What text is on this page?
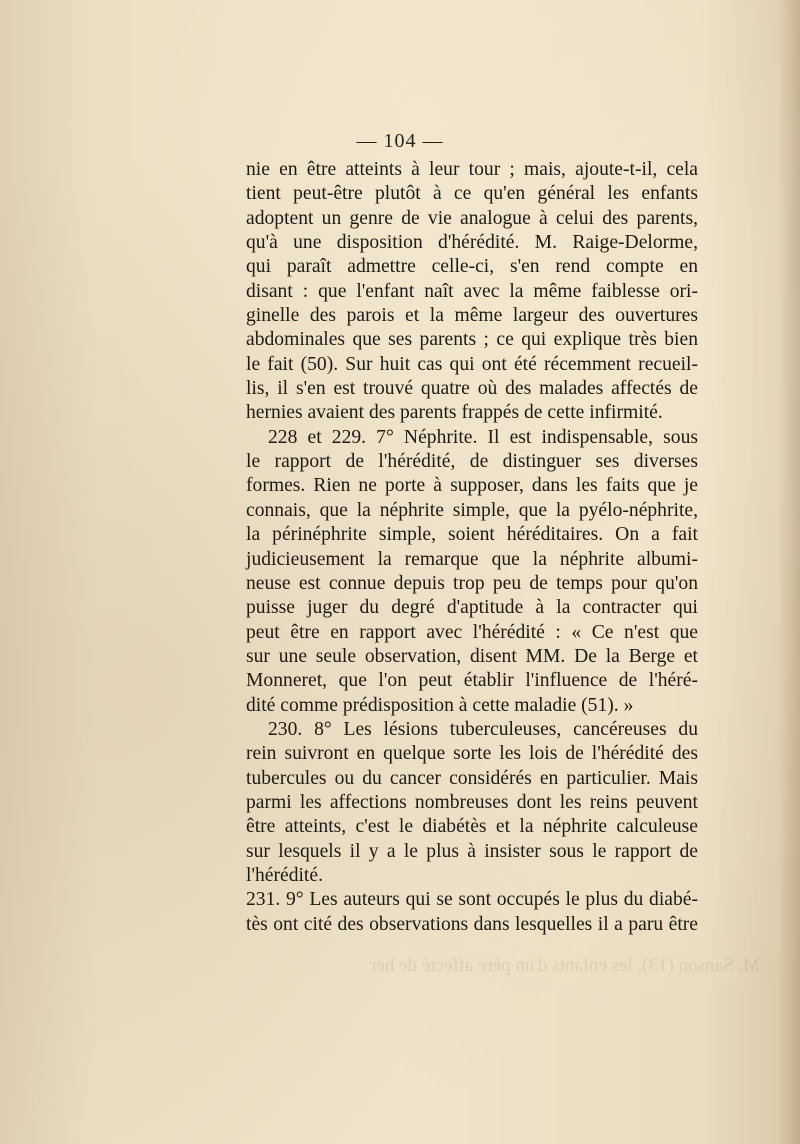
— 104 —
nie en être atteints à leur tour ; mais, ajoute-t-il, cela
tient peut-être plutôt à ce qu'en général les enfants
adoptent un genre de vie analogue à celui des parents,
qu'à une disposition d'hérédité. M. Raige-Delorme,
qui paraît admettre celle-ci, s'en rend compte en
disant : que l'enfant naît avec la même faiblesse ori-
ginelle des parois et la même largeur des ouvertures
abdominales que ses parents ; ce qui explique très bien
le fait (50). Sur huit cas qui ont été récemment recueil-
lis, il s'en est trouvé quatre où des malades affectés de
hernies avaient des parents frappés de cette infirmité.
228 et 229. 7° Néphrite. Il est indispensable, sous
le rapport de l'hérédité, de distinguer ses diverses
formes. Rien ne porte à supposer, dans les faits que je
connais, que la néphrite simple, que la pyélo-néphrite,
la périnéphrite simple, soient héréditaires. On a fait
judicieusement la remarque que la néphrite albumi-
neuse est connue depuis trop peu de temps pour qu'on
puisse juger du degré d'aptitude à la contracter qui
peut être en rapport avec l'hérédité : « Ce n'est que
sur une seule observation, disent MM. De la Berge et
Monneret, que l'on peut établir l'influence de l'héré-
dité comme prédisposition à cette maladie (51). »
230. 8° Les lésions tuberculeuses, cancéreuses du
rein suivront en quelque sorte les lois de l'hérédité des
tubercules ou du cancer considérés en particulier. Mais
parmi les affections nombreuses dont les reins peuvent
être atteints, c'est le diabétès et la néphrite calculeuse
sur lesquels il y a le plus à insister sous le rapport de
l'hérédité.
231. 9° Les auteurs qui se sont occupés le plus du diabé-
tès ont cité des observations dans lesquelles il a paru être
M. Sanson (13), les enfants d'un père affecté de her
